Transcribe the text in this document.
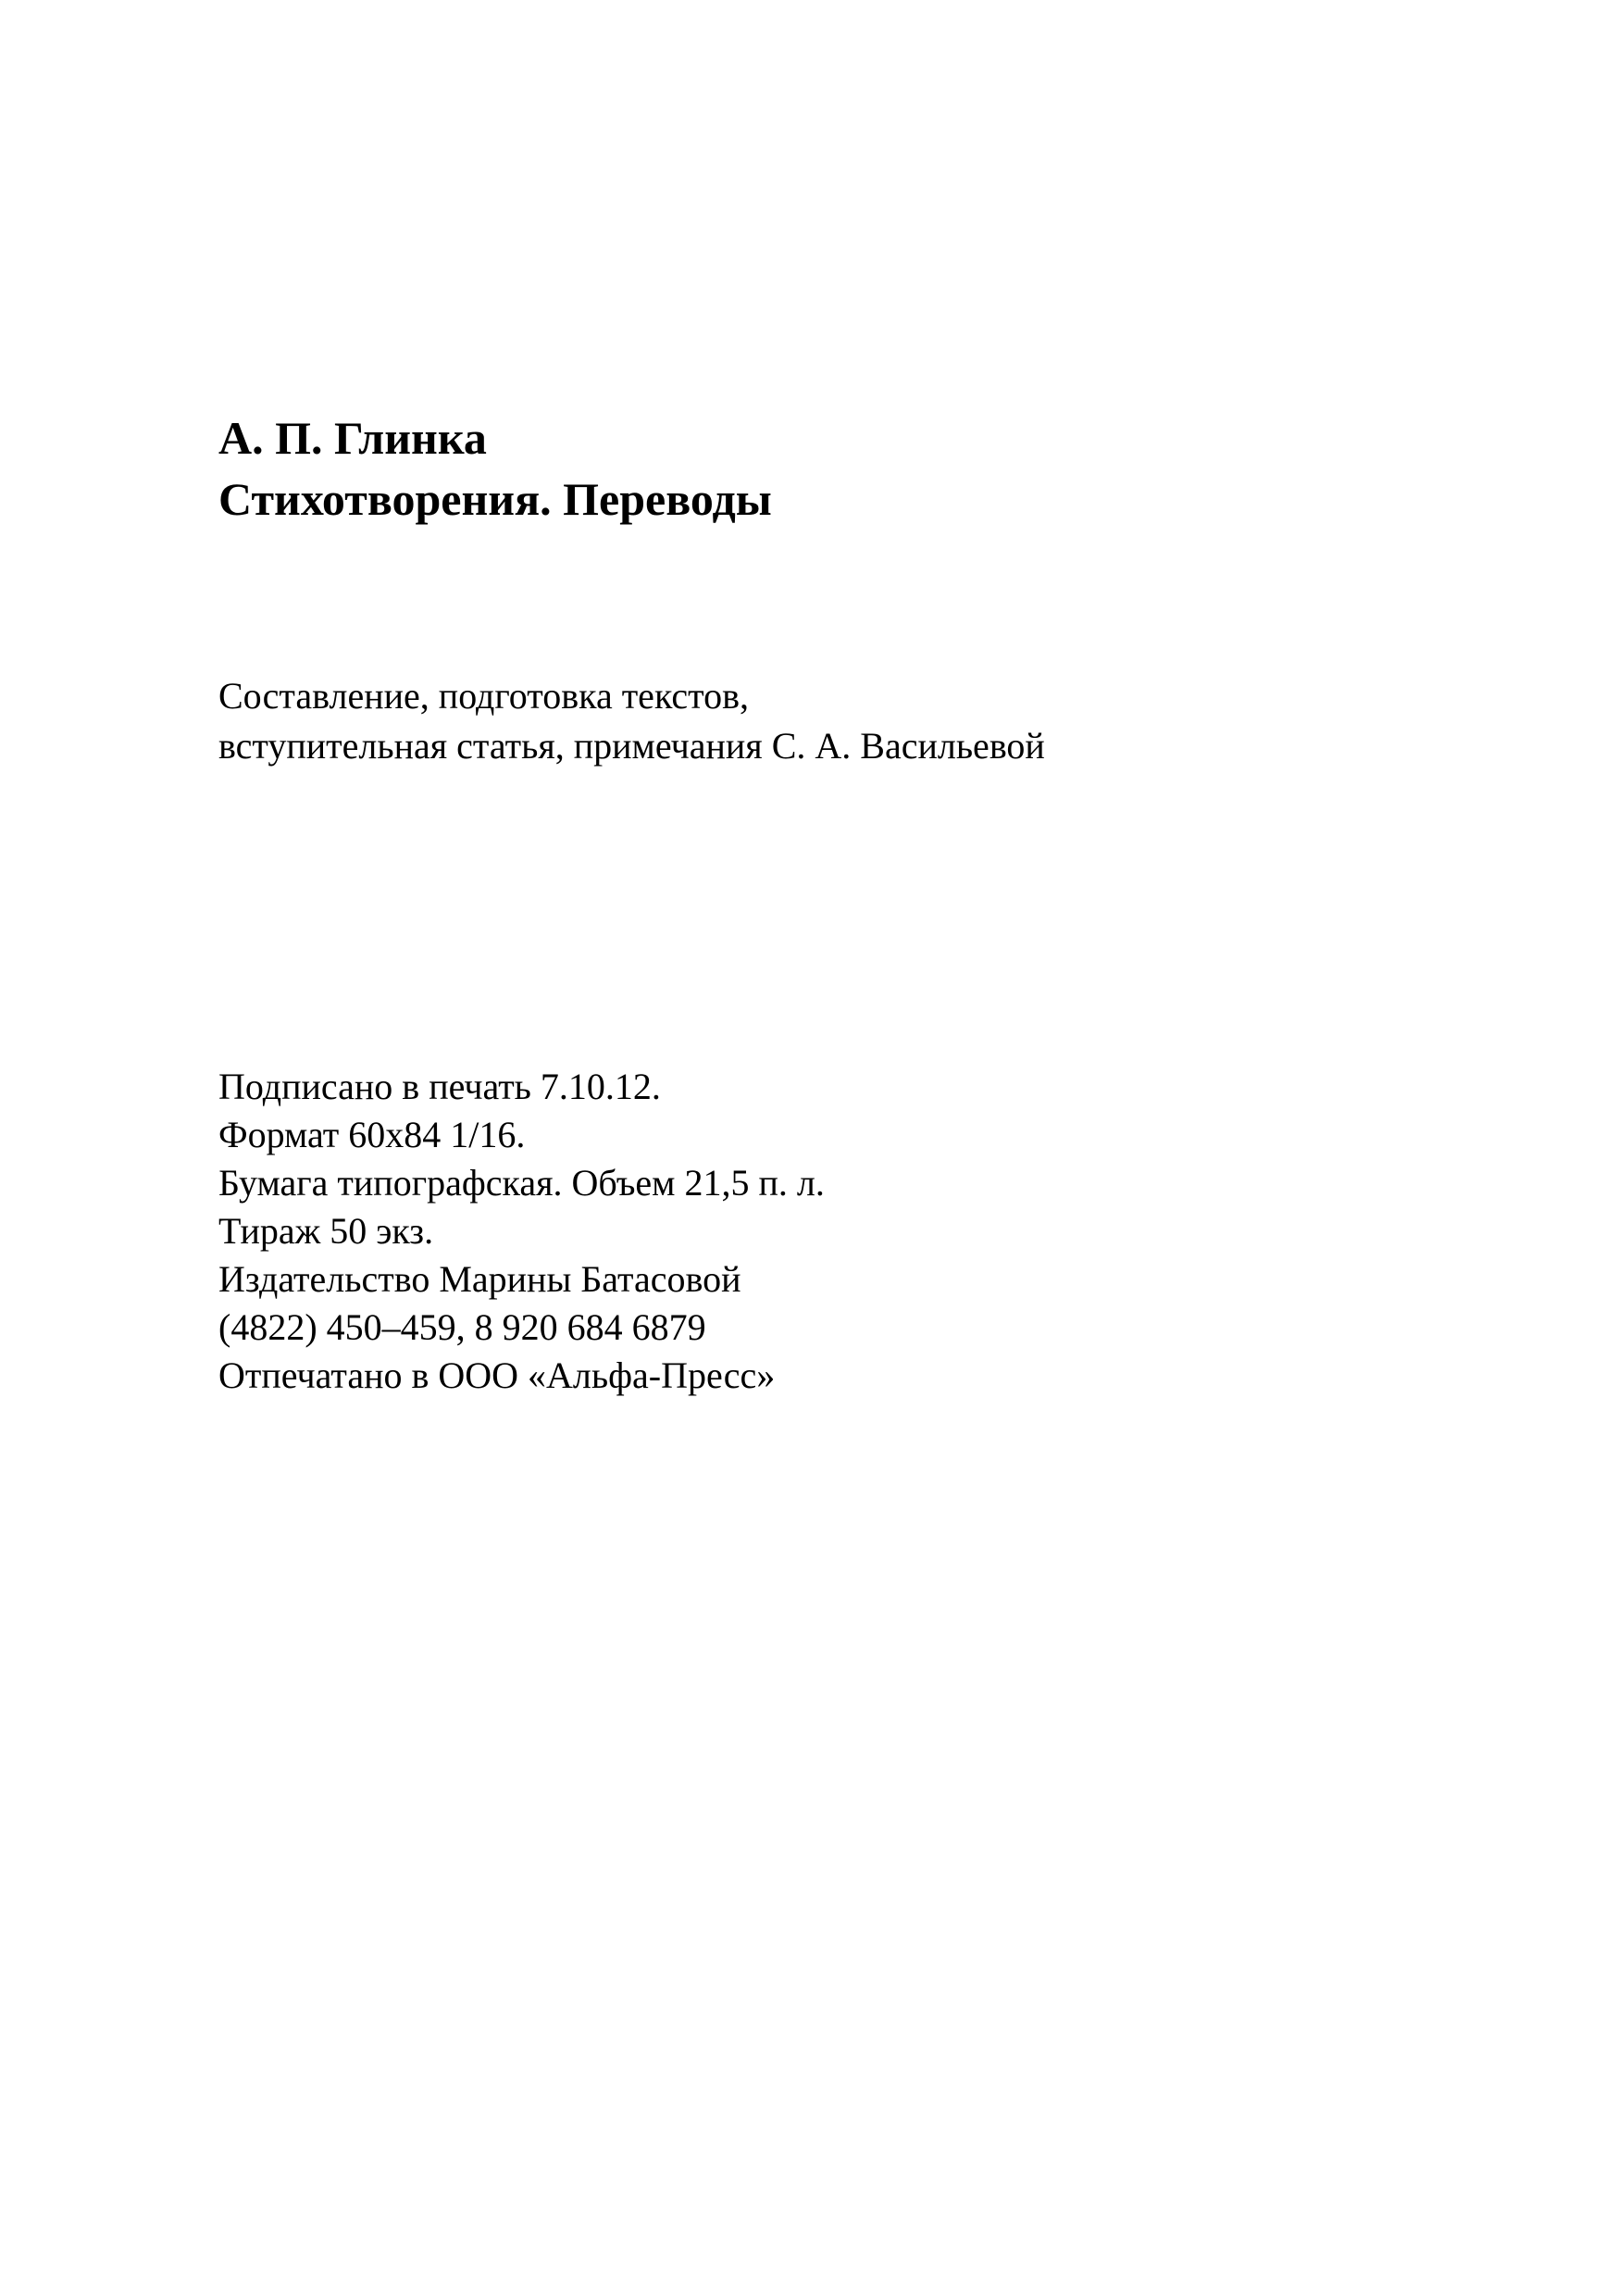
А. П. Глинка
Стихотворения. Переводы
Составление, подготовка текстов,
вступительная статья, примечания С. А. Васильевой
Подписано в печать 7.10.12.
Формат 60x84 1/16.
Бумага типографская. Объем 21,5 п. л.
Тираж 50 экз.
Издательство Марины Батасовой
(4822) 450–459, 8 920 684 6879
Отпечатано в ООО «Альфа-Пресс»
